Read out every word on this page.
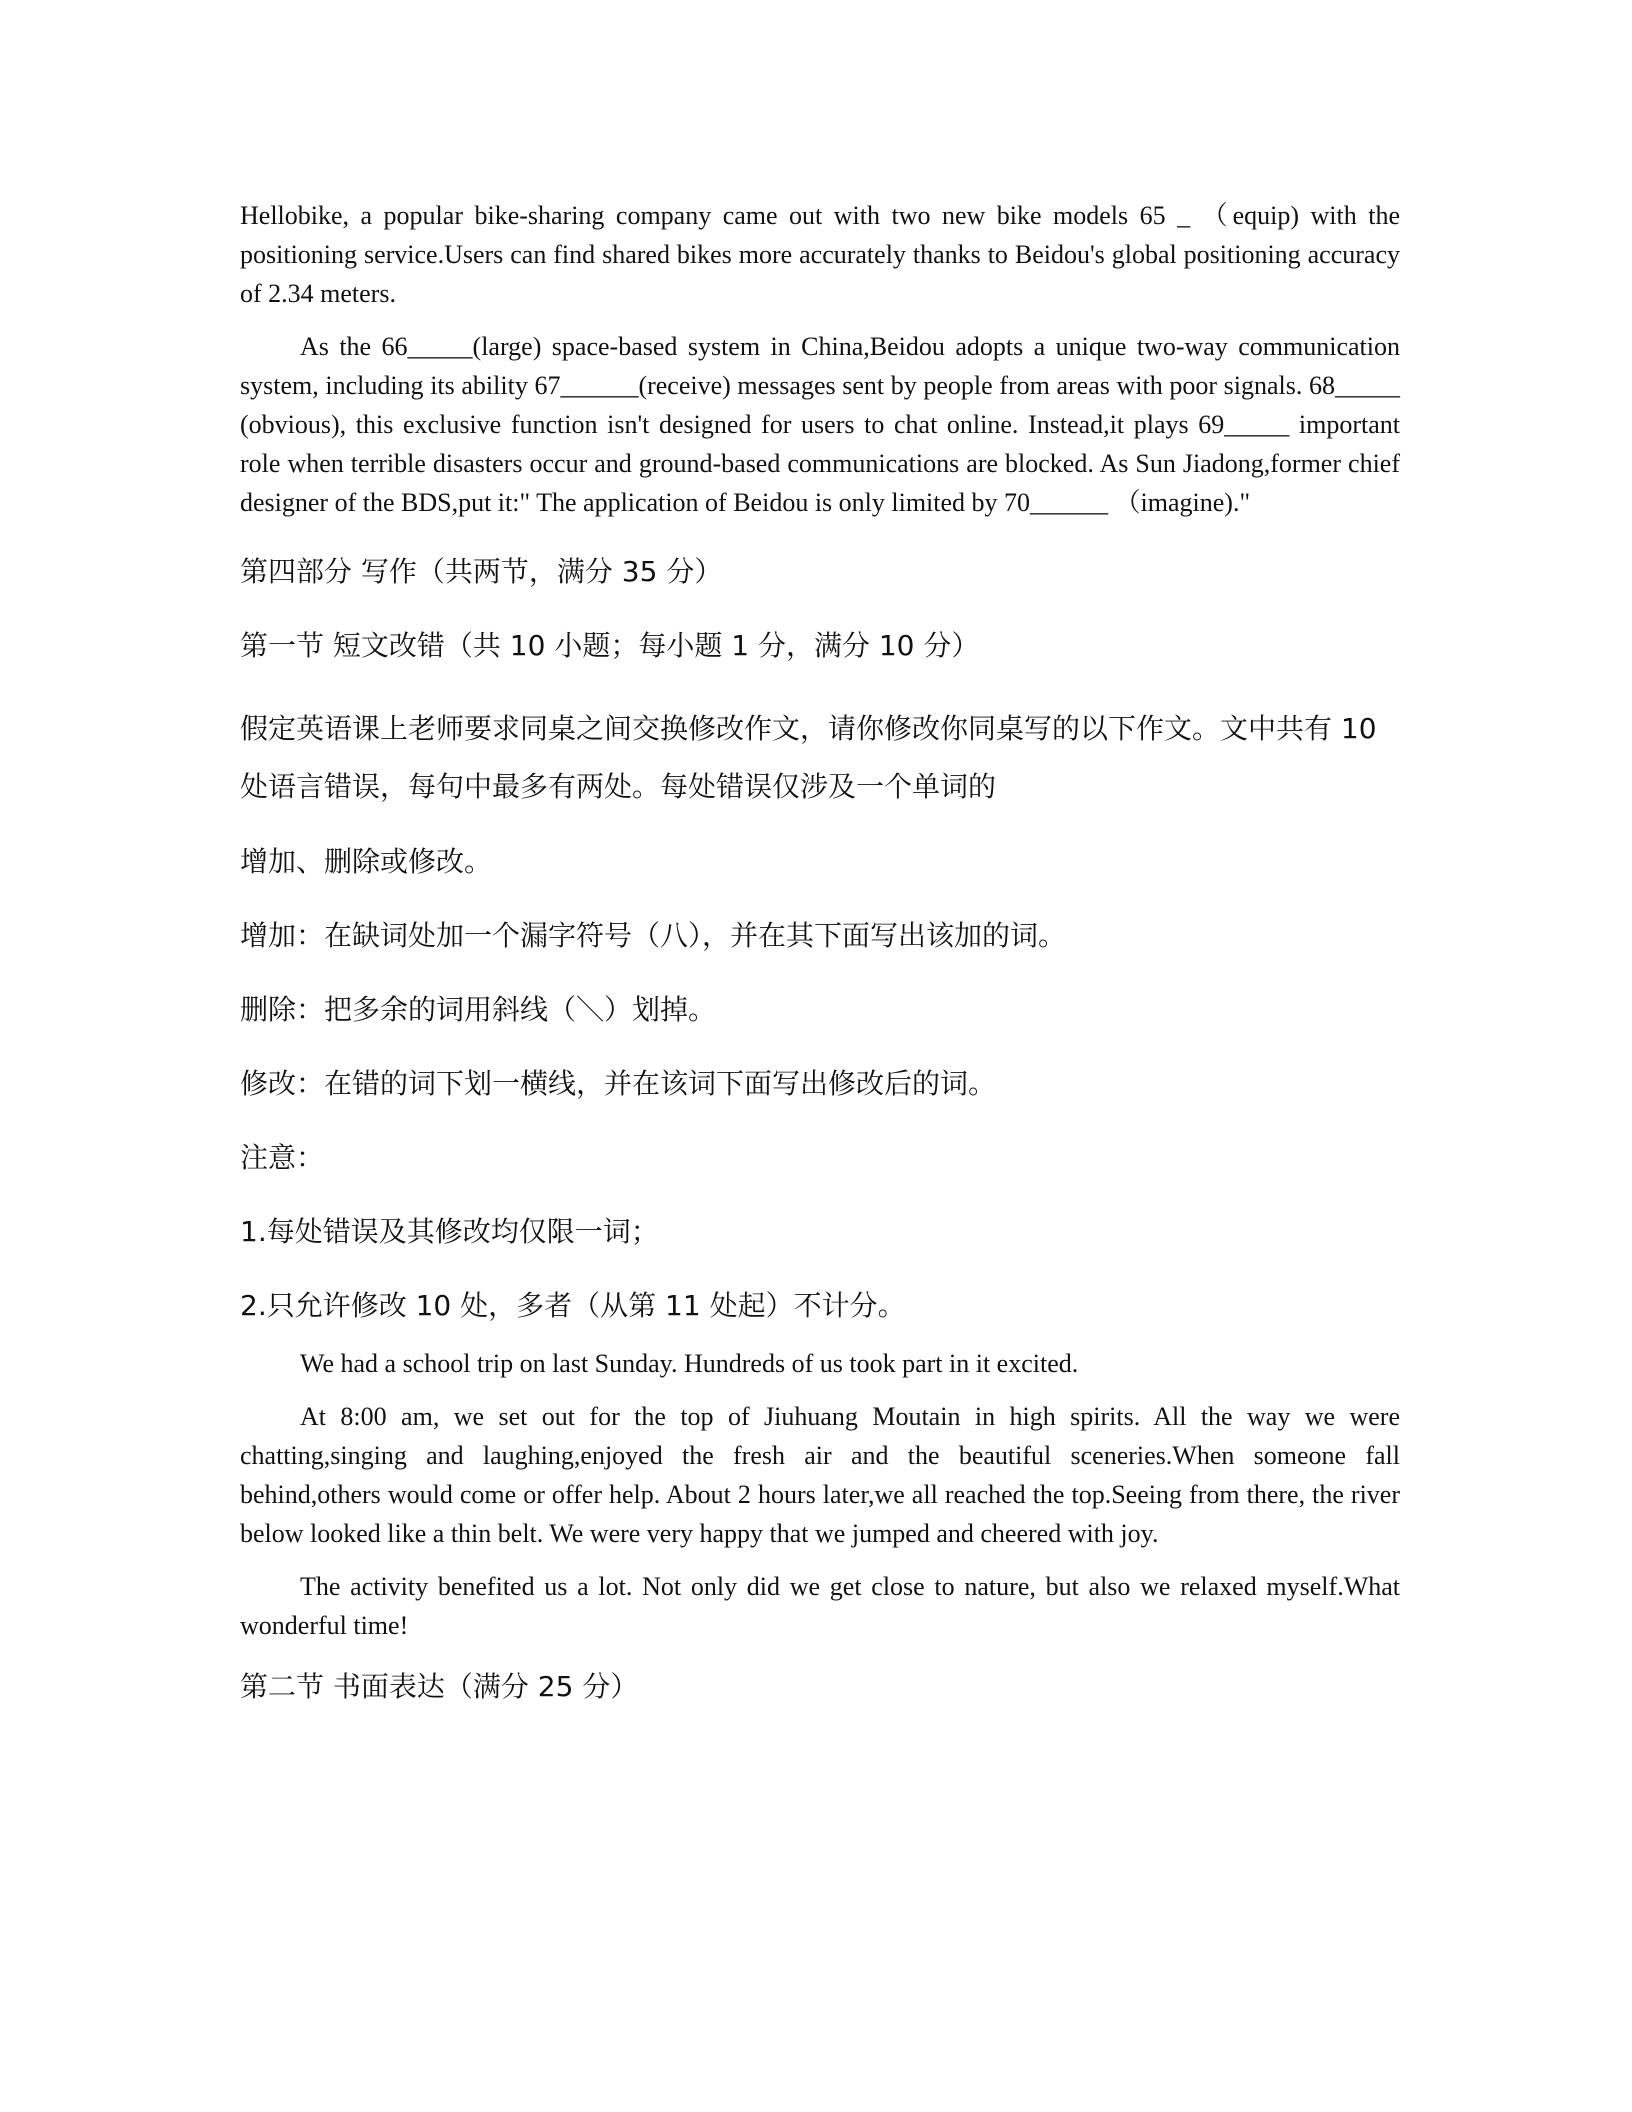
Hellobike, a popular bike-sharing company came out with two new bike models 65 _ （equip) with the positioning service.Users can find shared bikes more accurately thanks to Beidou's global positioning accuracy of 2.34 meters.

As the 66_____(large) space-based system in China,Beidou adopts a unique two-way communication system, including its ability 67______(receive) messages sent by people from areas with poor signals. 68_____ (obvious), this exclusive function isn't designed for users to chat online. Instead,it plays 69_____ important role when terrible disasters occur and ground-based communications are blocked. As Sun Jiadong,former chief designer of the BDS,put it:" The application of Beidou is only limited by 70______ （imagine)."

第四部分 写作（共两节，满分 35 分）

第一节 短文改错（共 10 小题；每小题 1 分，满分 10 分）

假定英语课上老师要求同桌之间交换修改作文，请你修改你同桌写的以下作文。文中共有 10 处语言错误，每句中最多有两处。每处错误仅涉及一个单词的

增加、删除或修改。

增加：在缺词处加一个漏字符号（八），并在其下面写出该加的词。

删除：把多余的词用斜线（＼）划掉。

修改：在错的词下划一横线，并在该词下面写出修改后的词。

注意：

1.每处错误及其修改均仅限一词；

2.只允许修改 10 处，多者（从第 11 处起）不计分。

We had a school trip on last Sunday. Hundreds of us took part in it excited.

At 8:00 am, we set out for the top of Jiuhuang Moutain in high spirits. All the way we were chatting,singing and laughing,enjoyed the fresh air and the beautiful sceneries.When someone fall behind,others would come or offer help. About 2 hours later,we all reached the top.Seeing from there, the river below looked like a thin belt. We were very happy that we jumped and cheered with joy.

The activity benefited us a lot. Not only did we get close to nature, but also we relaxed myself.What wonderful time!

第二节 书面表达（满分 25 分）
